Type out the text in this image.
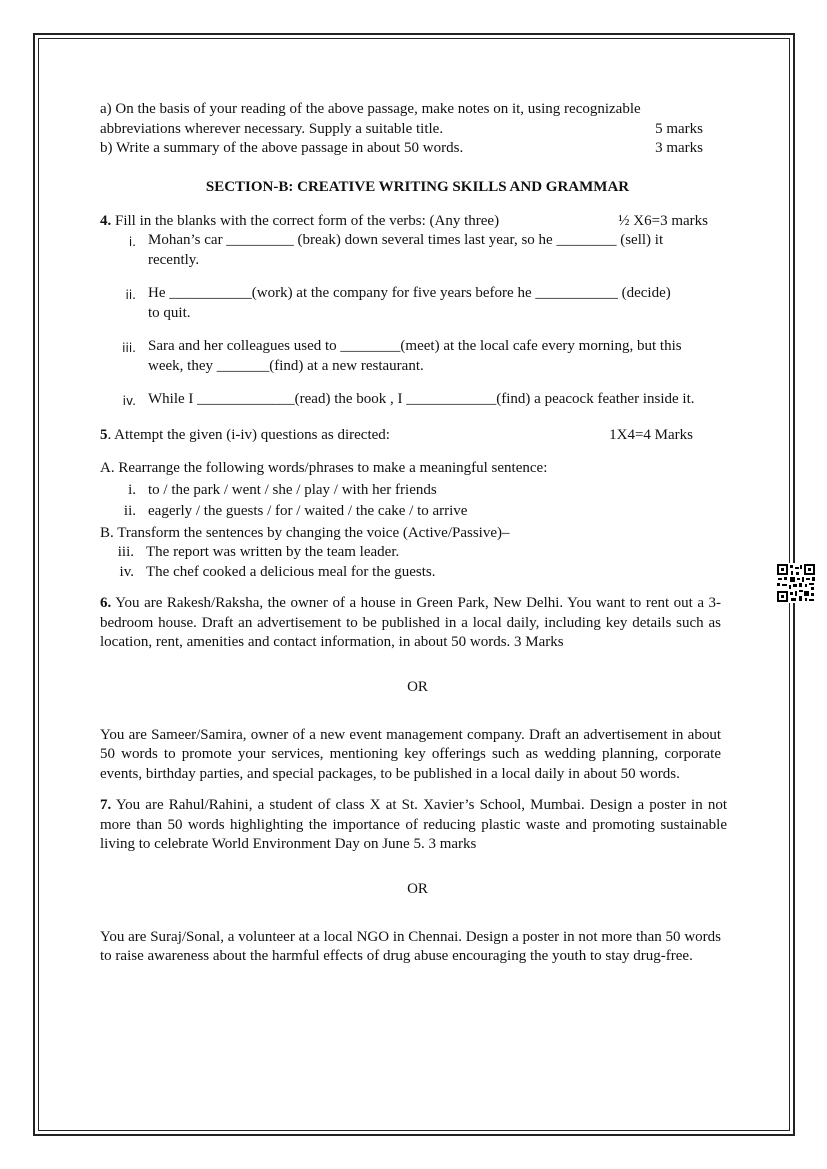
a) On the basis of your reading of the above passage, make notes on it, using recognizable
abbreviations wherever necessary. Supply a suitable title.	5 marks
b) Write a summary of the above passage in about 50 words.	3 marks
SECTION-B: CREATIVE WRITING SKILLS AND GRAMMAR
4. Fill in the blanks with the correct form of the verbs: (Any three)	½ X6=3 marks
i. Mohan’s car _________ (break) down several times last year, so he ________ (sell) it recently.
ii. He ___________(work) at the company for five years before he ___________ (decide) to quit.
iii. Sara and her colleagues used to ________(meet) at the local cafe every morning, but this week, they _______(find) at a new restaurant.
iv. While I _____________(read) the book , I ____________(find) a peacock feather inside it.
5. Attempt the given (i-iv) questions as directed:	1X4=4 Marks
A. Rearrange the following words/phrases to make a meaningful sentence:
i. to / the park / went / she / play / with her friends
ii. eagerly / the guests / for / waited / the cake / to arrive
B. Transform the sentences by changing the voice (Active/Passive)–
iii. The report was written by the team leader.
iv. The chef cooked a delicious meal for the guests.
6. You are Rakesh/Raksha, the owner of a house in Green Park, New Delhi. You want to rent out a 3-bedroom house. Draft an advertisement to be published in a local daily, including key details such as location, rent, amenities and contact information, in about 50 words. 3 Marks
OR
You are Sameer/Samira, owner of a new event management company. Draft an advertisement in about 50 words to promote your services, mentioning key offerings such as wedding planning, corporate events, birthday parties, and special packages, to be published in a local daily in about 50 words.
7. You are Rahul/Rahini, a student of class X at St. Xavier’s School, Mumbai. Design a poster in not more than 50 words highlighting the importance of reducing plastic waste and promoting sustainable living to celebrate World Environment Day on June 5. 3 marks
OR
You are Suraj/Sonal, a volunteer at a local NGO in Chennai. Design a poster in not more than 50 words to raise awareness about the harmful effects of drug abuse encouraging the youth to stay drug-free.
